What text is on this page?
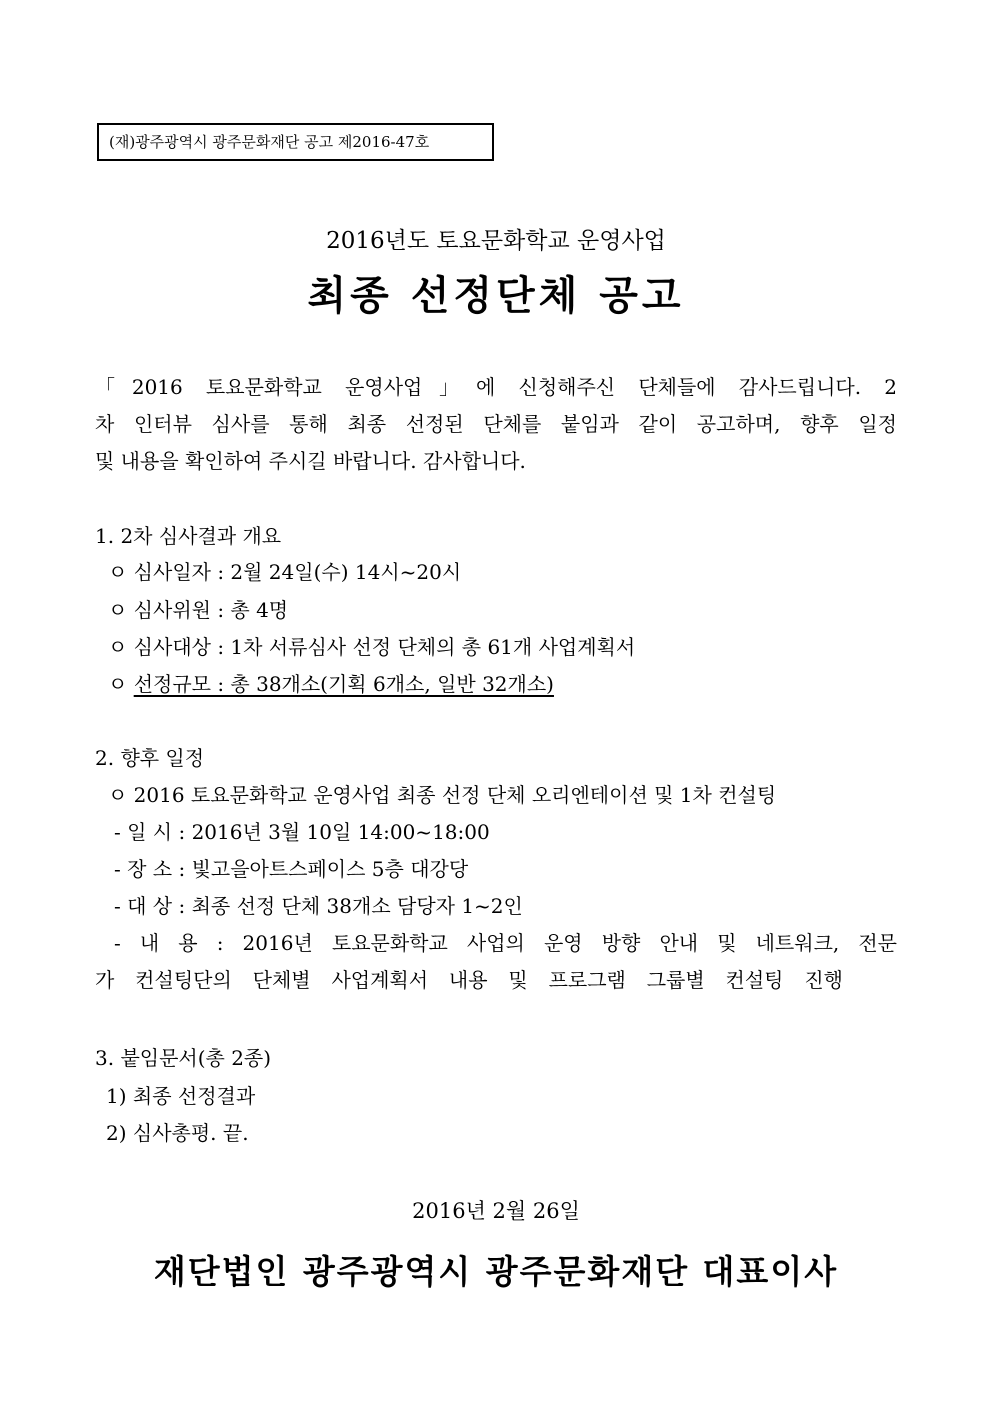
(재)광주광역시 광주문화재단 공고 제2016-47호
2016년도 토요문화학교 운영사업
최종 선정단체 공고
「2016 토요문화학교 운영사업」에 신청해주신 단체들에 감사드립니다. 2
차 인터뷰 심사를 통해 최종 선정된 단체를 붙임과 같이 공고하며, 향후 일정
및 내용을 확인하여 주시길 바랍니다. 감사합니다.
1. 2차 심사결과 개요
ㅇ 심사일자 : 2월 24일(수) 14시~20시
ㅇ 심사위원 : 총 4명
ㅇ 심사대상 : 1차 서류심사 선정 단체의 총 61개 사업계획서
ㅇ 선정규모 : 총 38개소(기획 6개소, 일반 32개소)
2. 향후 일정
ㅇ 2016 토요문화학교 운영사업 최종 선정 단체 오리엔테이션 및 1차 컨설팅
- 일 시 : 2016년 3월 10일 14:00~18:00
- 장 소 : 빛고을아트스페이스 5층 대강당
- 대 상 : 최종 선정 단체 38개소 담당자 1~2인
- 내 용 : 2016년 토요문화학교 사업의 운영 방향 안내 및 네트워크, 전문
가 컨설팅단의 단체별 사업계획서 내용 및 프로그램 그룹별 컨설팅 진행
3. 붙임문서(총 2종)
1) 최종 선정결과
2) 심사총평. 끝.
2016년 2월 26일
재단법인 광주광역시 광주문화재단 대표이사
